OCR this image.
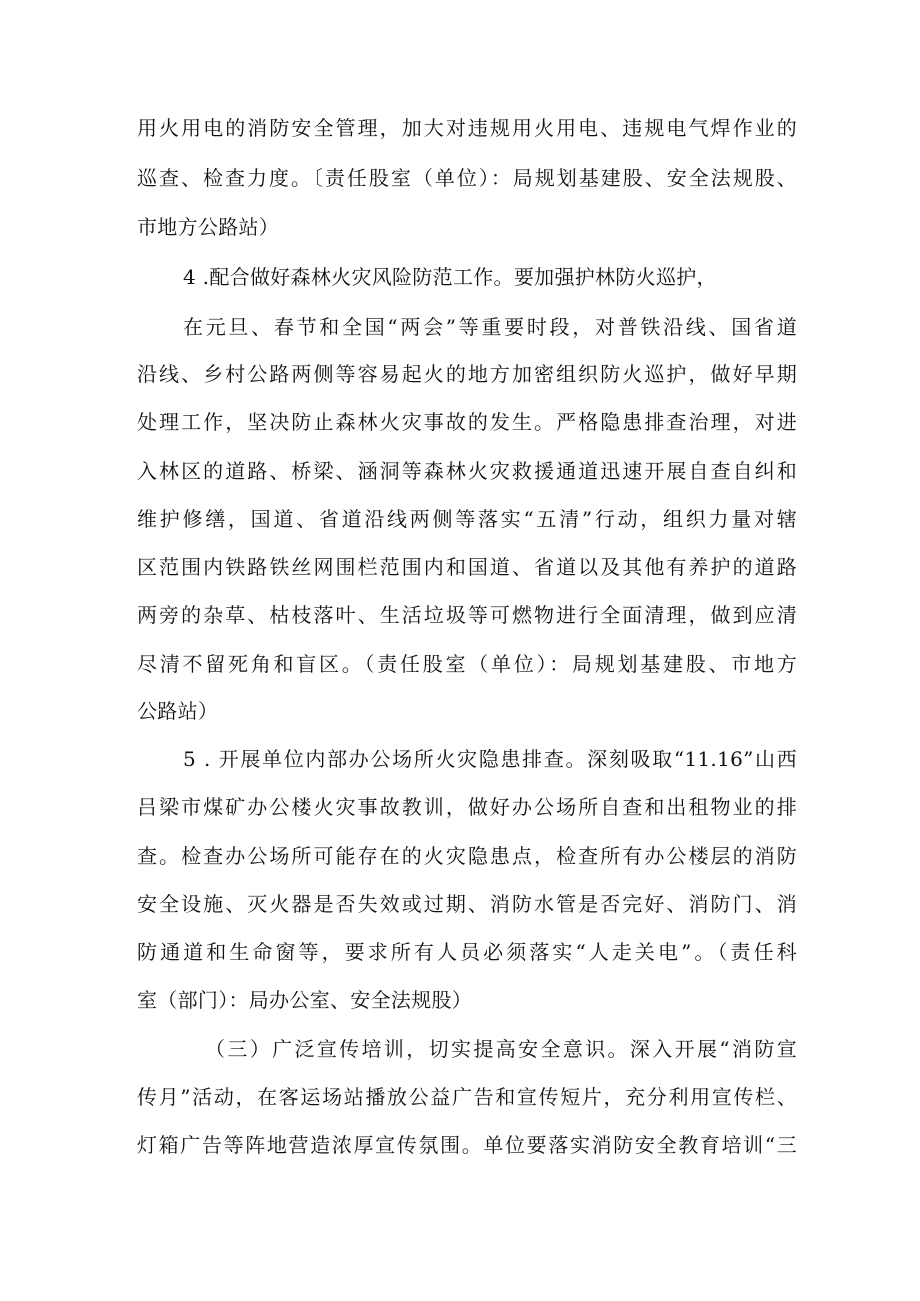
用火用电的消防安全管理，加大对违规用火用电、违规电气焊作业的
巡查、检查力度。〔责任股室（单位）：局规划基建股、安全法规股、
市地方公路站）
4 .配合做好森林火灾风险防范工作。要加强护林防火巡护，
在元旦、春节和全国“两会”等重要时段，对普铁沿线、国省道
沿线、乡村公路两侧等容易起火的地方加密组织防火巡护，做好早期
处理工作，坚决防止森林火灾事故的发生。严格隐患排查治理，对进
入林区的道路、桥梁、涵洞等森林火灾救援通道迅速开展自查自纠和
维护修缮，国道、省道沿线两侧等落实“五清”行动，组织力量对辖
区范围内铁路铁丝网围栏范围内和国道、省道以及其他有养护的道路
两旁的杂草、枯枝落叶、生活垃圾等可燃物进行全面清理，做到应清
尽清不留死角和盲区。（责任股室（单位）：局规划基建股、市地方
公路站）
5 . 开展单位内部办公场所火灾隐患排查。深刻吸取“11.16”山西
吕梁市煤矿办公楼火灾事故教训，做好办公场所自查和出租物业的排
查。检查办公场所可能存在的火灾隐患点，检查所有办公楼层的消防
安全设施、灭火器是否失效或过期、消防水管是否完好、消防门、消
防通道和生命窗等，要求所有人员必须落实“人走关电”。（责任科
室（部门）：局办公室、安全法规股）
（三）广泛宣传培训，切实提高安全意识。深入开展“消防宣
传月”活动，在客运场站播放公益广告和宣传短片，充分利用宣传栏、
灯箱广告等阵地营造浓厚宣传氛围。单位要落实消防安全教育培训“三
